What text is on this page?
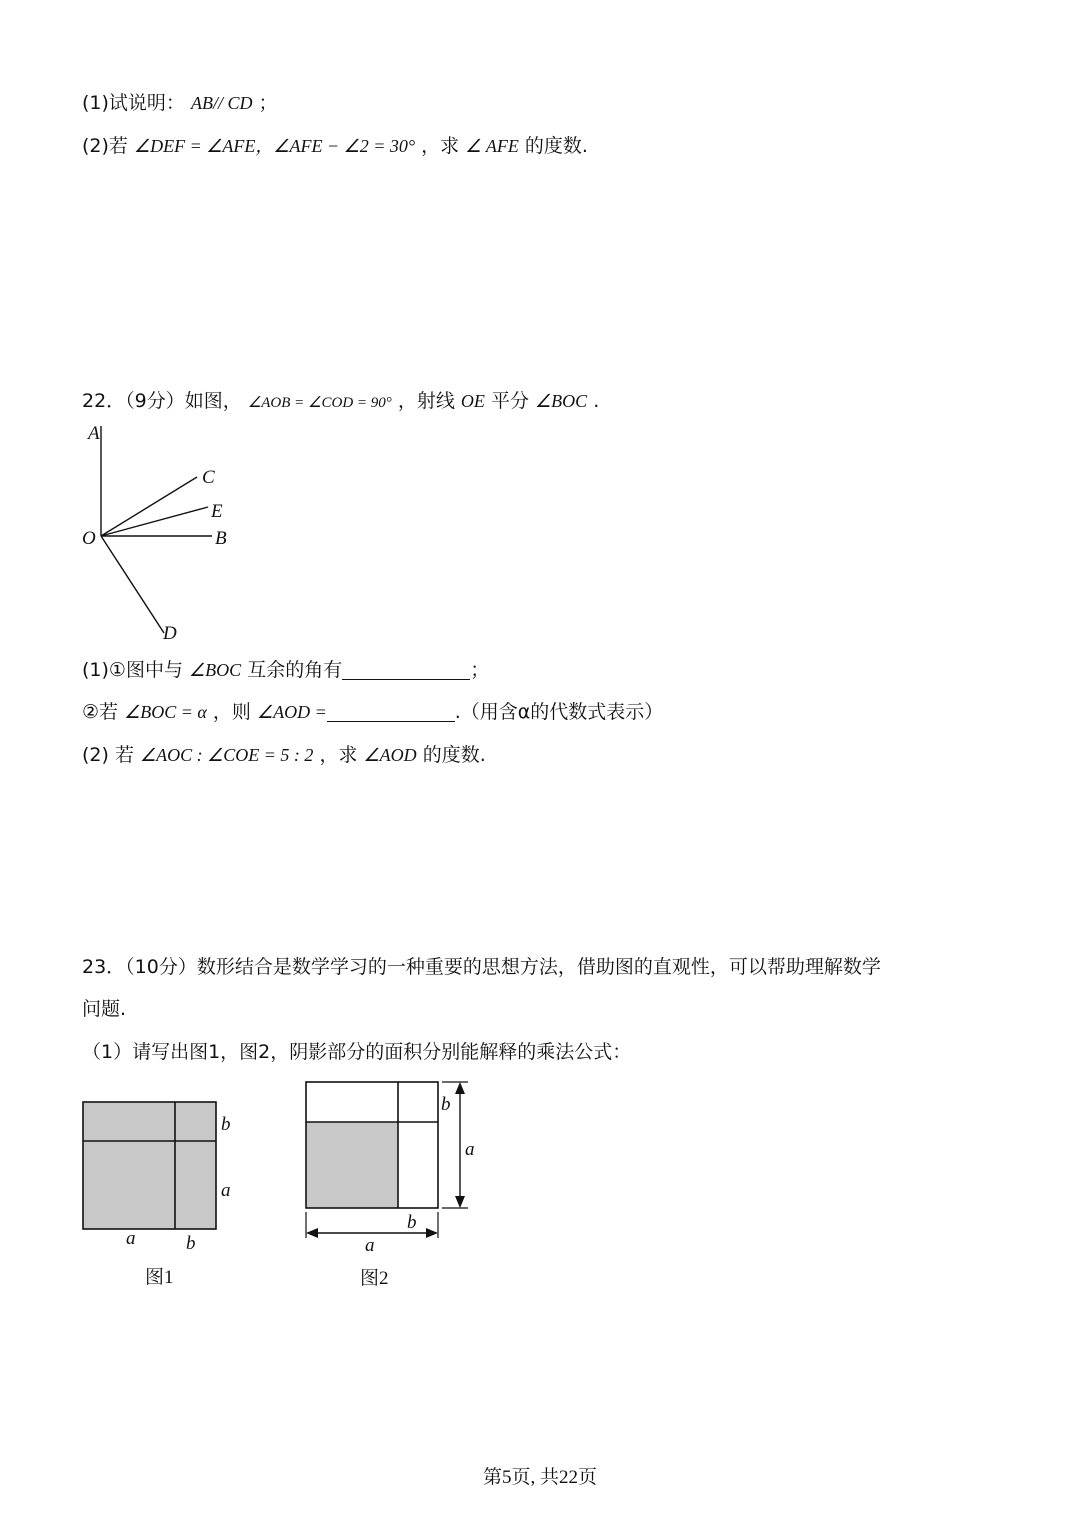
(1)试说明： AB// CD ；
(2)若 ∠DEF = ∠AFE，∠AFE − ∠2 = 30° ，求 ∠ AFE 的度数.
22．（9分）如图， ∠AOB = ∠COD = 90° ，射线 OE 平分 ∠BOC .
A
C
E
O	B
D
(1)①图中与 ∠BOC 互余的角有	；
②若 ∠BOC = α ，则 ∠AOD =	.（用含α的代数式表示）
(2) 若 ∠AOC : ∠COE = 5 : 2 ，求 ∠AOD 的度数.
23．（10分）数形结合是数学学习的一种重要的思想方法，借助图的直观性，可以帮助理解数学
问题.
（1）请写出图1，图2，阴影部分的面积分别能解释的乘法公式：
b
a
a	b
图1
b
a
b
a
图2
第5页, 共22页
